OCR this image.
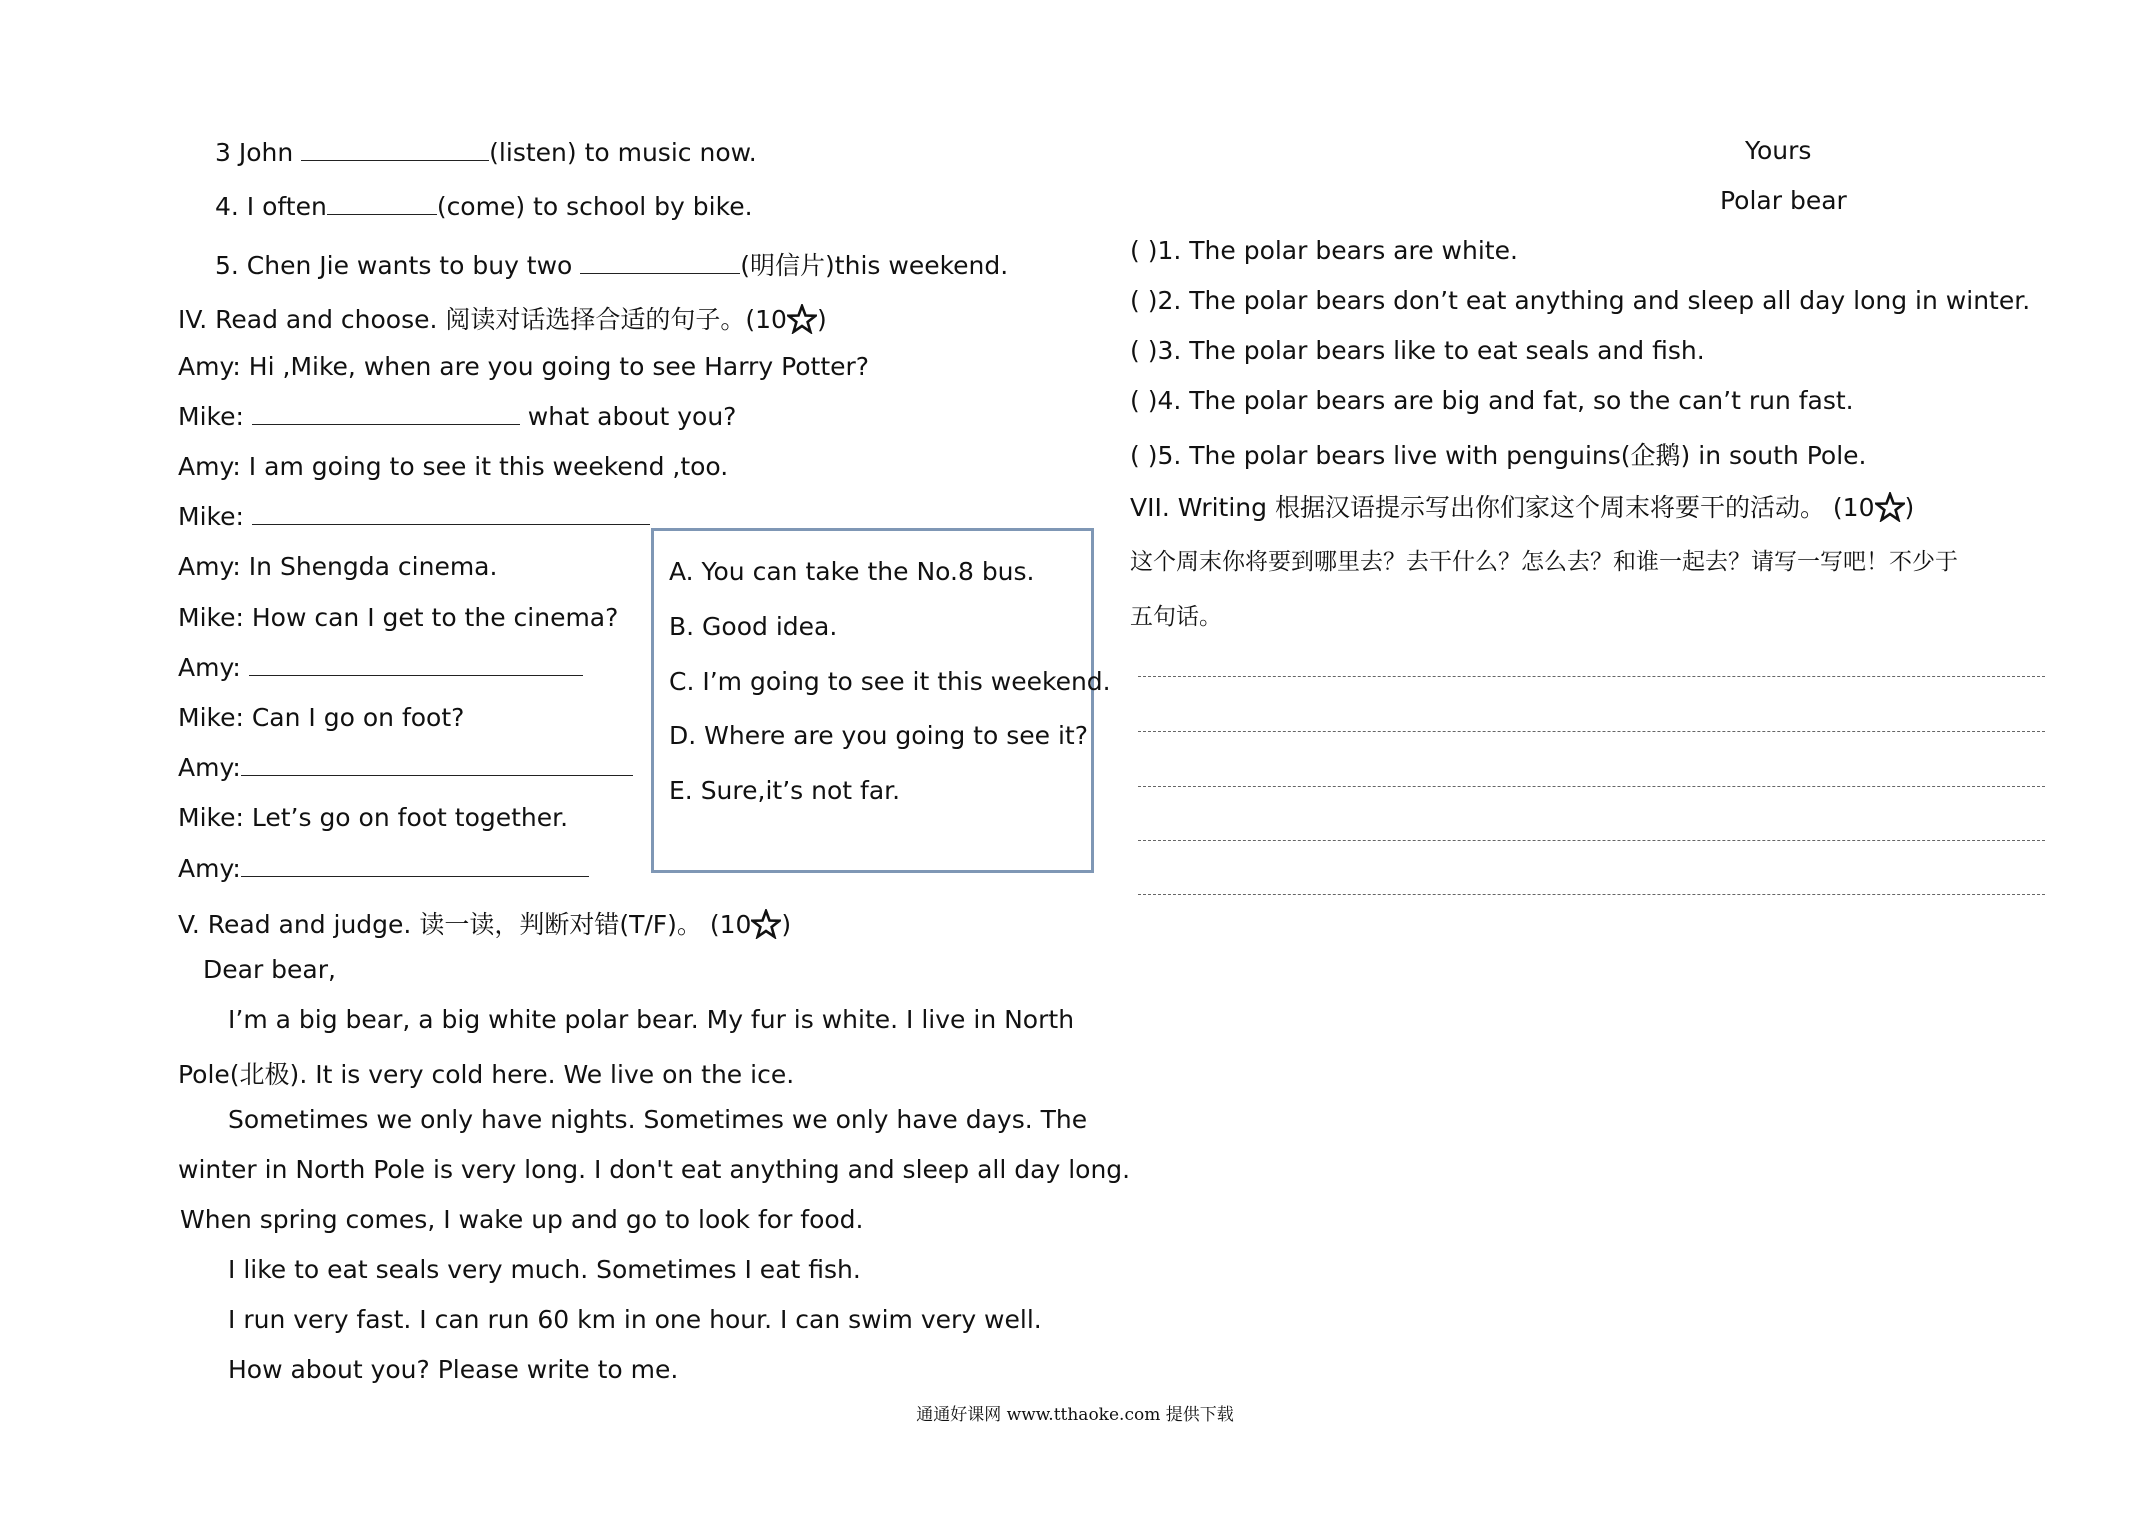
3 John	(listen) to music now.
4. I often	(come) to school by bike.
5. Chen Jie wants to buy two	(明信片)this weekend.
IV. Read and choose. 阅读对话选择合适的句子。(10 )
Amy: Hi ,Mike, when are you going to see Harry Potter?
Mike:	what about you?
Amy: I am going to see it this weekend ,too.
Mike:
Amy: In Shengda cinema.
Mike: How can I get to the cinema?
Amy:
Mike: Can I go on foot?
Amy:
Mike: Let’s go on foot together.
Amy:
A. You can take the No.8 bus.
B. Good idea.
C. I’m going to see it this weekend.
D. Where are you going to see it?
E. Sure,it’s not far.
V. Read and judge. 读一读，判断对错(T/F)。 (10 )
Dear bear,
I’m a big bear, a big white polar bear. My fur is white. I live in North
Pole(北极). It is very cold here. We live on the ice.
Sometimes we only have nights. Sometimes we only have days. The
winter in North Pole is very long. I don't eat anything and sleep all day long.
When spring comes, I wake up and go to look for food.
I like to eat seals very much. Sometimes I eat fish.
I run very fast. I can run 60 km in one hour. I can swim very well.
How about you? Please write to me.
Yours
Polar bear
( )1. The polar bears are white.
( )2. The polar bears don’t eat anything and sleep all day long in winter.
( )3. The polar bears like to eat seals and fish.
( )4. The polar bears are big and fat, so the can’t run fast.
( )5. The polar bears live with penguins(企鹅) in south Pole.
VII. Writing 根据汉语提示写出你们家这个周末将要干的活动。 (10 )
这个周末你将要到哪里去？去干什么？怎么去？和谁一起去？请写一写吧！不少于
五句话。
通通好课网 www.tthaoke.com 提供下载
